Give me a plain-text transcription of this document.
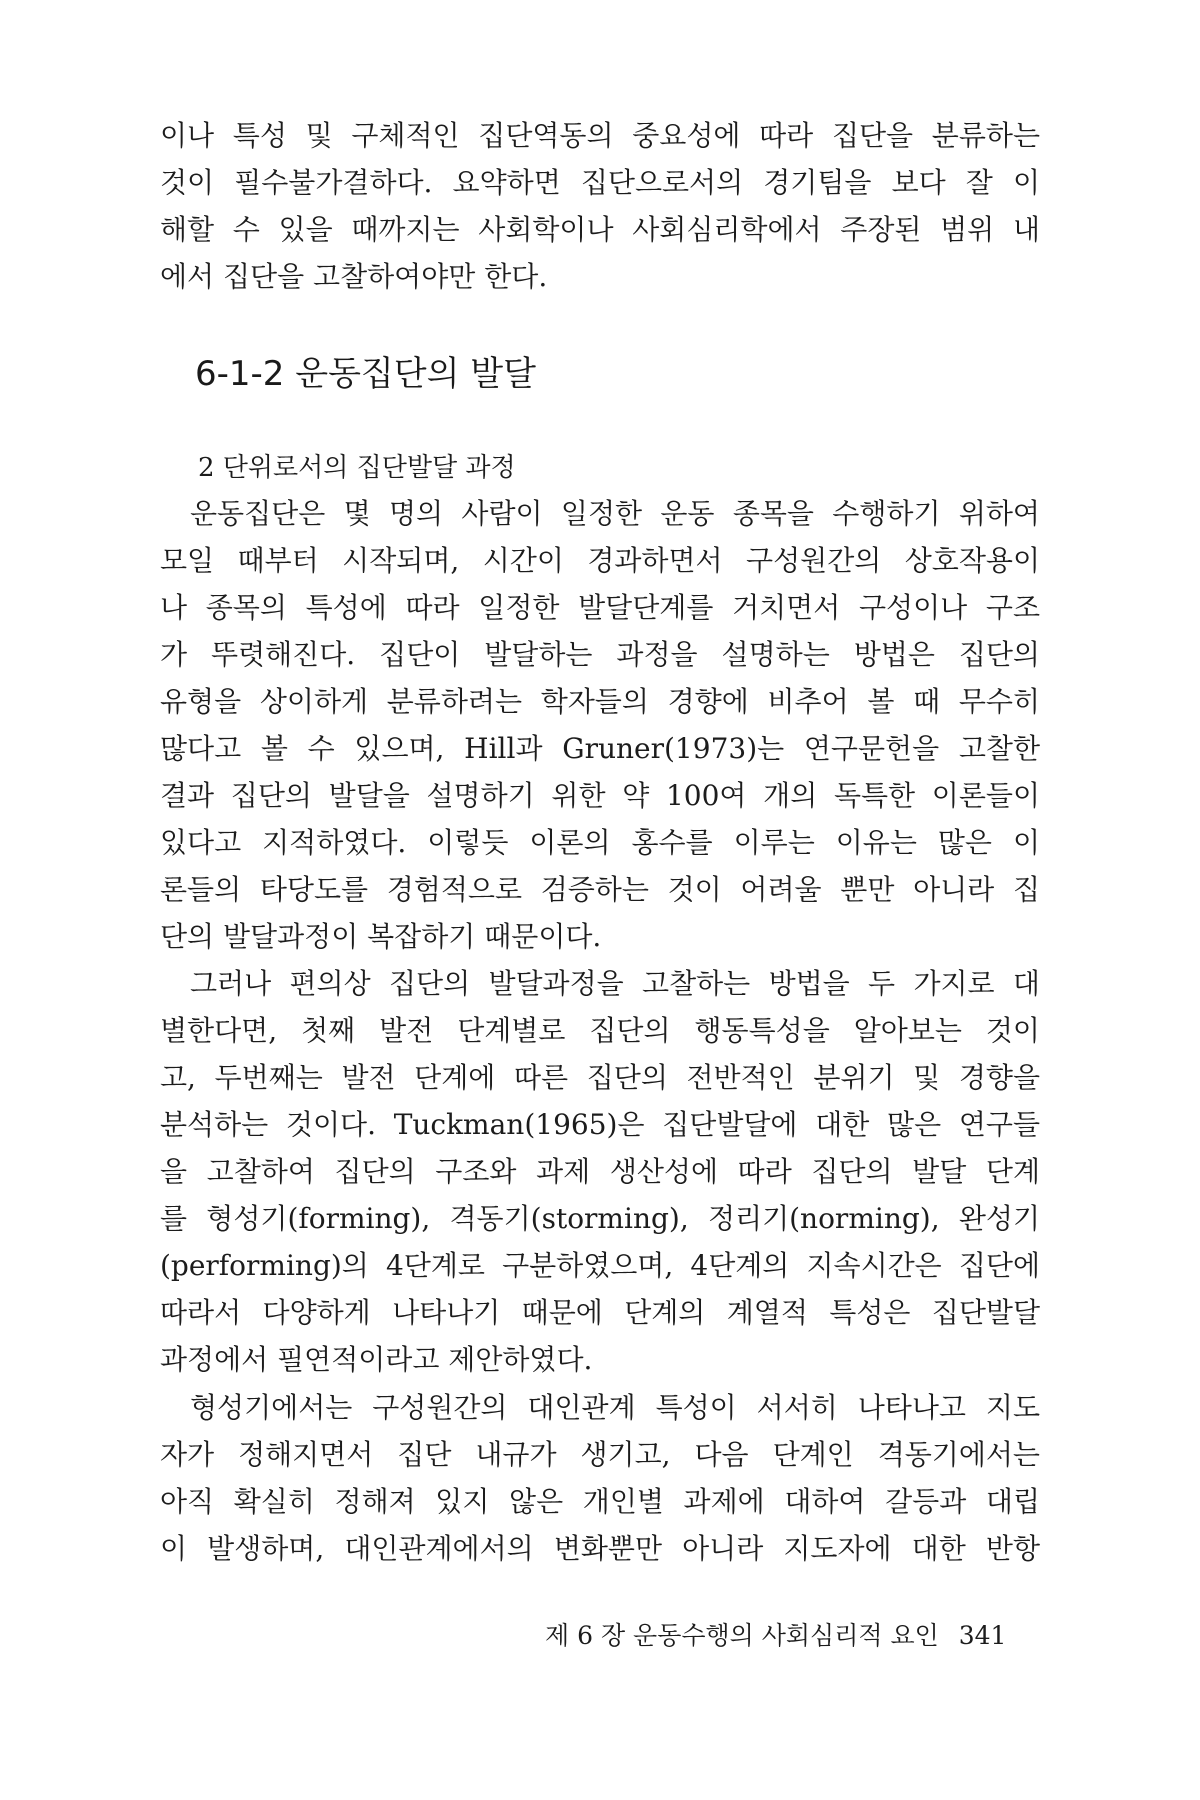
이나 특성 및 구체적인 집단역동의 중요성에 따라 집단을 분류하는
것이 필수불가결하다. 요약하면 집단으로서의 경기팀을 보다 잘 이
해할 수 있을 때까지는 사회학이나 사회심리학에서 주장된 범위 내
에서 집단을 고찰하여야만 한다.
6-1-2 운동집단의 발달
2 단위로서의 집단발달 과정
운동집단은 몇 명의 사람이 일정한 운동 종목을 수행하기 위하여
모일 때부터 시작되며, 시간이 경과하면서 구성원간의 상호작용이
나 종목의 특성에 따라 일정한 발달단계를 거치면서 구성이나 구조
가 뚜렷해진다. 집단이 발달하는 과정을 설명하는 방법은 집단의
유형을 상이하게 분류하려는 학자들의 경향에 비추어 볼 때 무수히
많다고 볼 수 있으며, Hill과 Gruner(1973)는 연구문헌을 고찰한
결과 집단의 발달을 설명하기 위한 약 100여 개의 독특한 이론들이
있다고 지적하였다. 이렇듯 이론의 홍수를 이루는 이유는 많은 이
론들의 타당도를 경험적으로 검증하는 것이 어려울 뿐만 아니라 집
단의 발달과정이 복잡하기 때문이다.
그러나 편의상 집단의 발달과정을 고찰하는 방법을 두 가지로 대
별한다면, 첫째 발전 단계별로 집단의 행동특성을 알아보는 것이
고, 두번째는 발전 단계에 따른 집단의 전반적인 분위기 및 경향을
분석하는 것이다. Tuckman(1965)은 집단발달에 대한 많은 연구들
을 고찰하여 집단의 구조와 과제 생산성에 따라 집단의 발달 단계
를 형성기(forming), 격동기(storming), 정리기(norming), 완성기
(performing)의 4단계로 구분하였으며, 4단계의 지속시간은 집단에
따라서 다양하게 나타나기 때문에 단계의 계열적 특성은 집단발달
과정에서 필연적이라고 제안하였다.
형성기에서는 구성원간의 대인관계 특성이 서서히 나타나고 지도
자가 정해지면서 집단 내규가 생기고, 다음 단계인 격동기에서는
아직 확실히 정해져 있지 않은 개인별 과제에 대하여 갈등과 대립
이 발생하며, 대인관계에서의 변화뿐만 아니라 지도자에 대한 반항
제 6 장 운동수행의 사회심리적 요인 341
